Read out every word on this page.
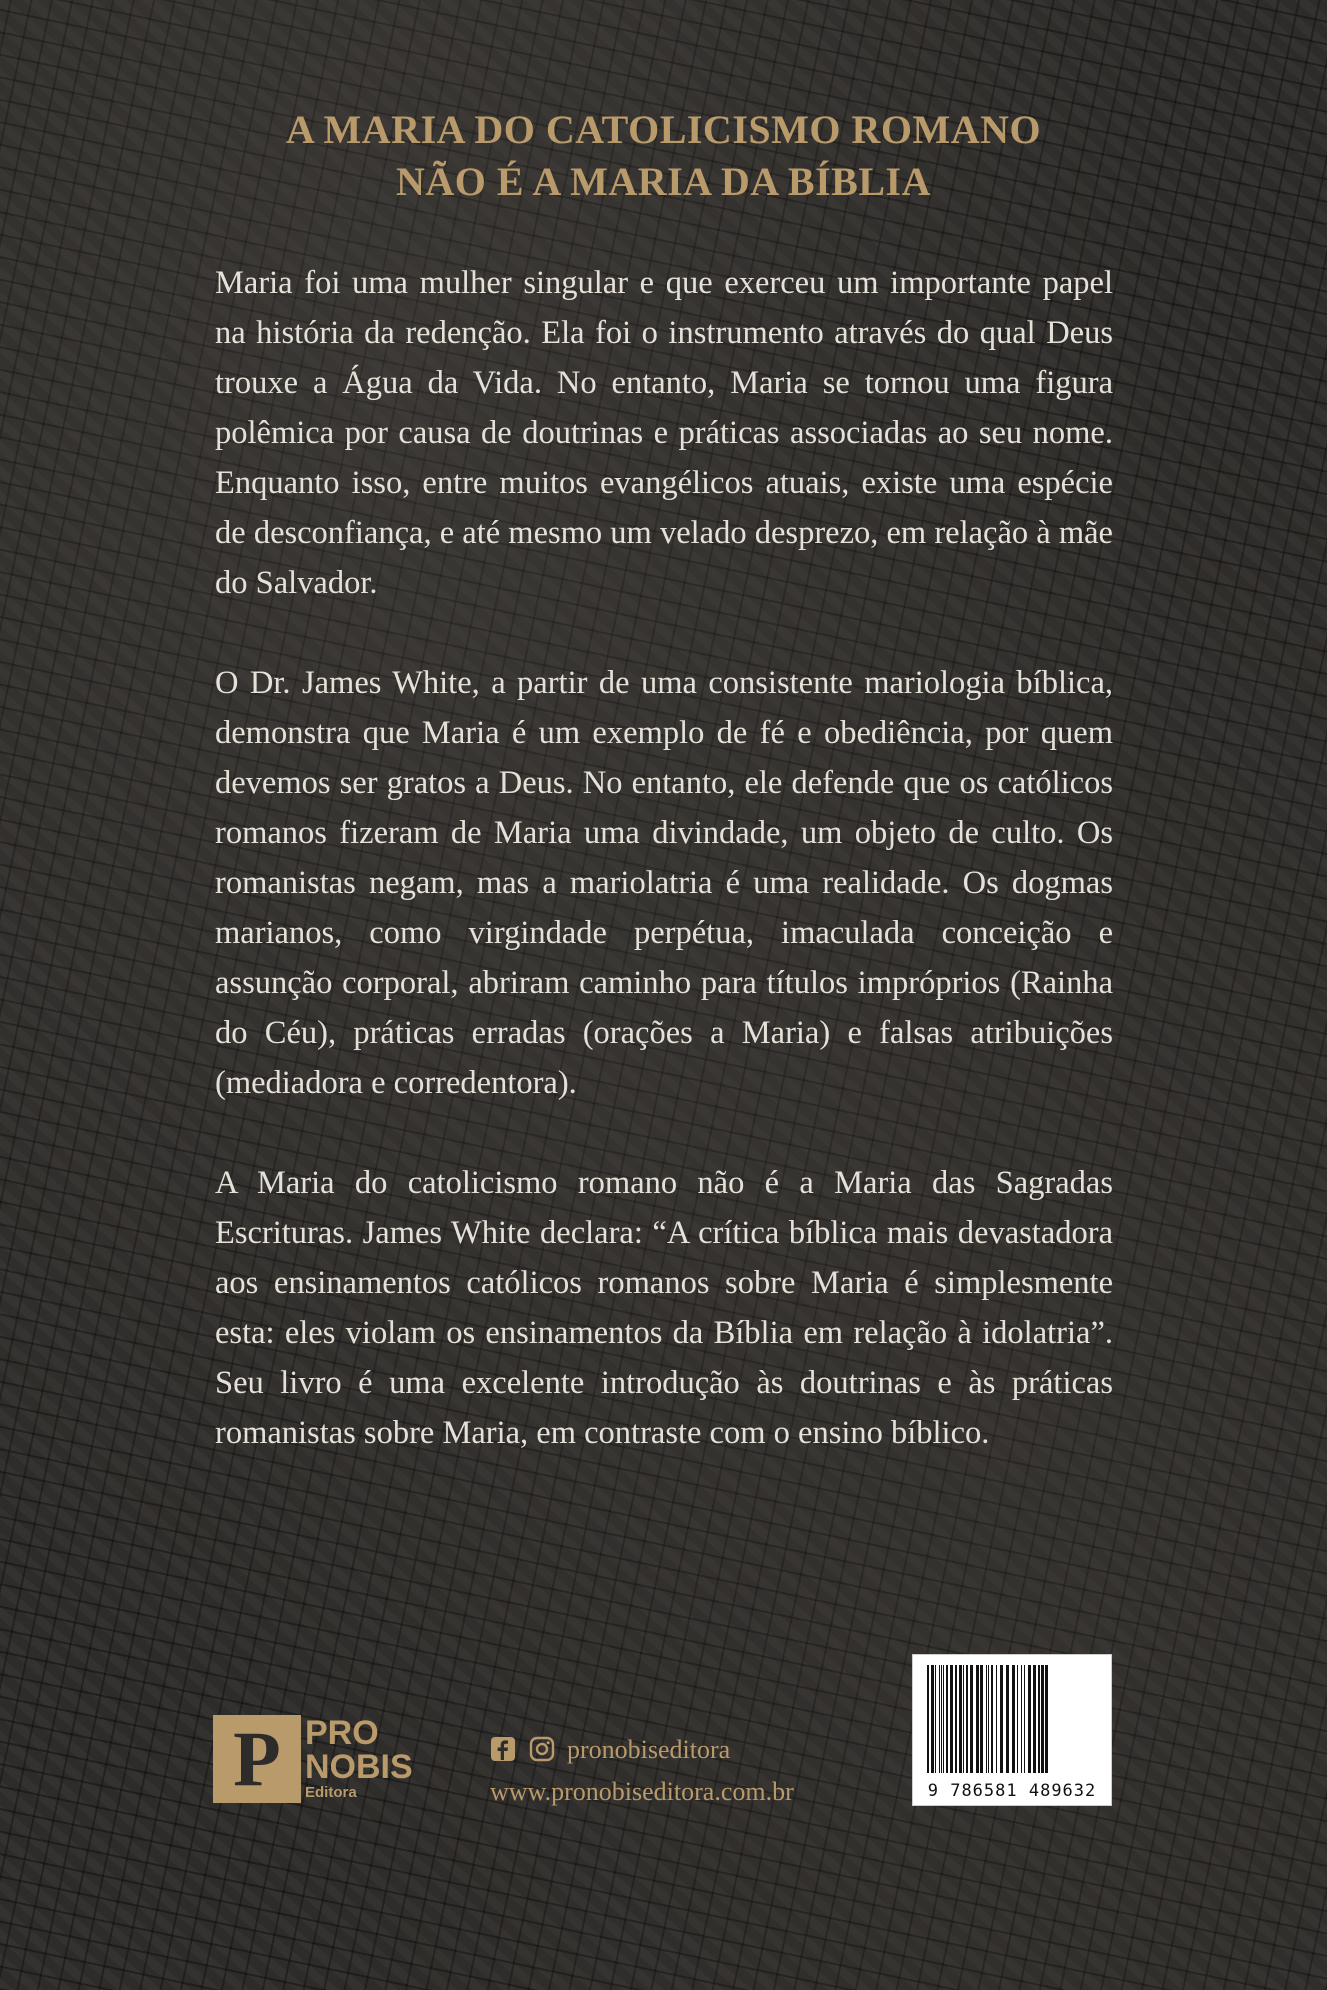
A MARIA DO CATOLICISMO ROMANO
NÃO É A MARIA DA BÍBLIA

Maria foi uma mulher singular e que exerceu um importante papel na história da redenção. Ela foi o instrumento através do qual Deus trouxe a Água da Vida. No entanto, Maria se tornou uma figura polêmica por causa de doutrinas e práticas associadas ao seu nome. Enquanto isso, entre muitos evangélicos atuais, existe uma espécie de desconfiança, e até mesmo um velado desprezo, em relação à mãe do Salvador.

O Dr. James White, a partir de uma consistente mariologia bíblica, demonstra que Maria é um exemplo de fé e obediência, por quem devemos ser gratos a Deus. No entanto, ele defende que os católicos romanos fizeram de Maria uma divindade, um objeto de culto. Os romanistas negam, mas a mariolatria é uma realidade. Os dogmas marianos, como virgindade perpétua, imaculada conceição e assunção corporal, abriram caminho para títulos impróprios (Rainha do Céu), práticas erradas (orações a Maria) e falsas atribuições (mediadora e corredentora).

A Maria do catolicismo romano não é a Maria das Sagradas Escrituras. James White declara: “A crítica bíblica mais devastadora aos ensinamentos católicos romanos sobre Maria é simplesmente esta: eles violam os ensinamentos da Bíblia em relação à idolatria”. Seu livro é uma excelente introdução às doutrinas e às práticas romanistas sobre Maria, em contraste com o ensino bíblico.

P PRO
NOBIS
Editora
pronobiseditora
www.pronobiseditora.com.br	9 786581 489632
